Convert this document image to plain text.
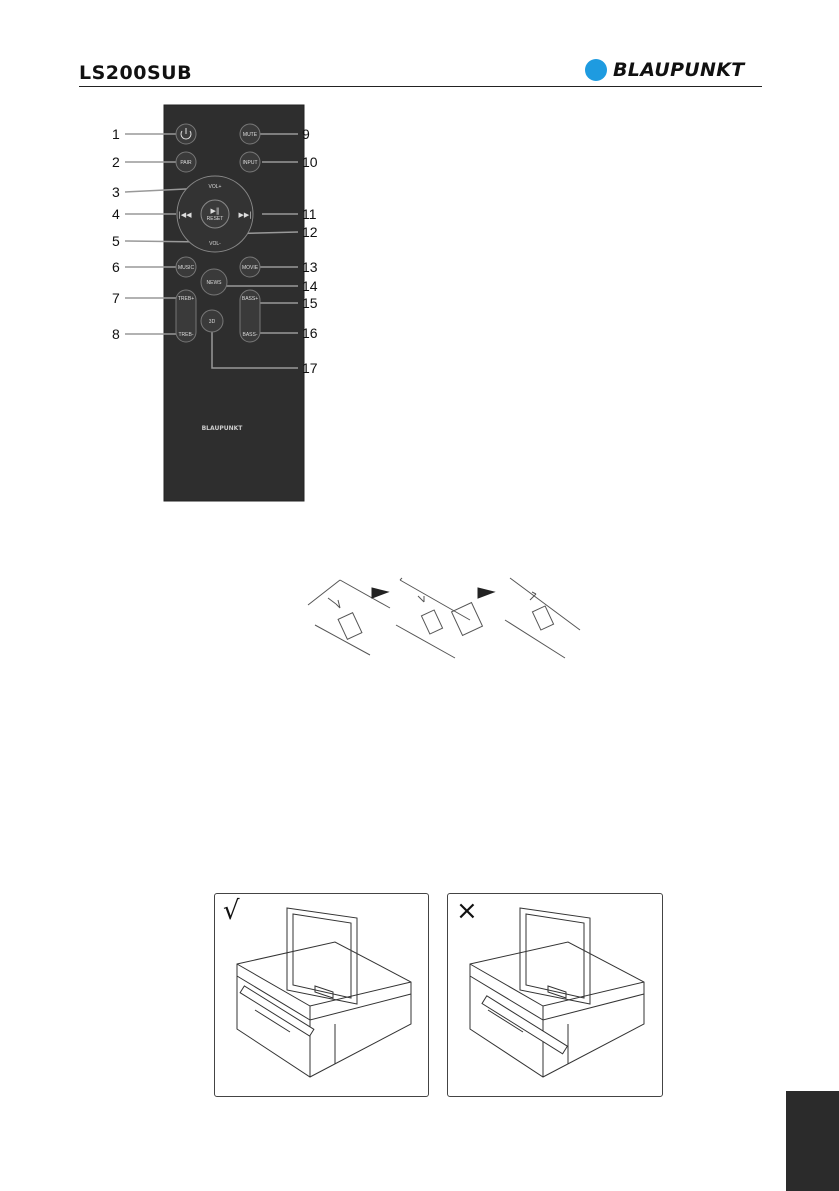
LS200SUB	BLAUPUNKT
PAIR
MUTE
INPUT
▶‖
RESET
VOL+
VOL-
|◀◀	▶▶|
MUSIC	MOVIE
NEWS
TREB+
TREB-
BASS+
BASS-
3D
BLAUPUNKT
1
2
3
4
5
6
7
8
9
10
11
12
13
14
15
16
17
√	×
